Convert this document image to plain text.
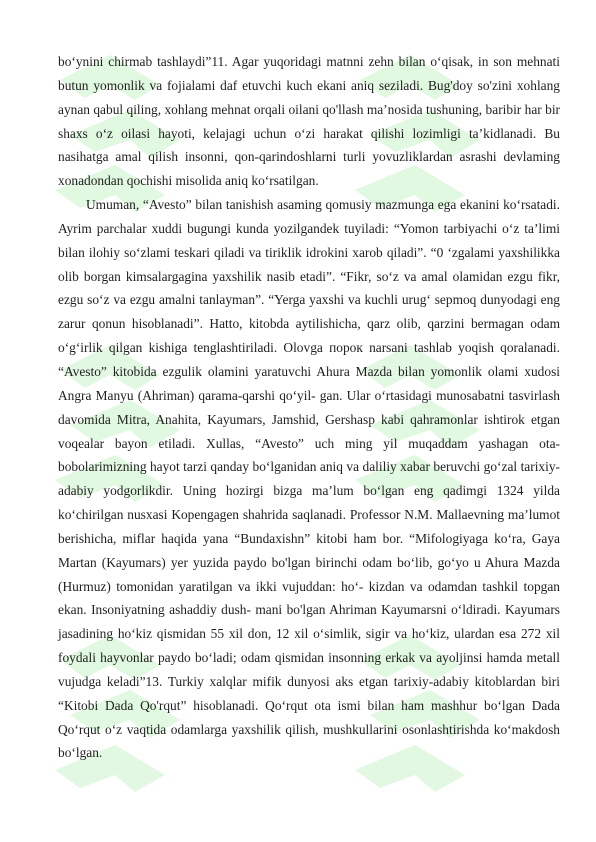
bo‘ynini chirmab tashlaydi”11. Agar yuqoridagi matnni zehn bilan o‘qisak, in son mehnati butun yomonlik va fojialami daf etuvchi kuch ekani aniq seziladi. Bug'doy so'zini xohlang aynan qabul qiling, xohlang mehnat orqali oilani qo'llash ma’nosida tushuning, baribir har bir shaxs o‘z oilasi hayoti, kelajagi uchun o‘zi harakat qilishi lozimligi ta’kidlanadi. Bu nasihatga amal qilish insonni, qon-qarindoshlarni turli yovuzliklardan asrashi devlaming xonadondan qochishi misolida aniq ko‘rsatilgan.

Umuman, “Avesto” bilan tanishish asaming qomusiy mazmunga ega ekanini ko‘rsatadi. Ayrim parchalar xuddi bugungi kunda yozilgandek tuyiladi: “Yomon tarbiyachi o‘z ta’limi bilan ilohiy so‘zlami teskari qiladi va tiriklik idrokini xarob qiladi”. “0 ‘zgalami yaxshilikka olib borgan kimsalargagina yaxshilik nasib etadi”. “Fikr, so‘z va amal olamidan ezgu fikr, ezgu so‘z va ezgu amalni tanlayman”. “Yerga yaxshi va kuchli urug‘ sepmoq dunyodagi eng zarur qonun hisoblanadi”. Hatto, kitobda aytilishicha, qarz olib, qarzini bermagan odam o‘g‘irlik qilgan kishiga tenglashtiriladi. Olovga порок narsani tashlab yoqish qoralanadi. “Avesto” kitobida ezgulik olamini yaratuvchi Ahura Mazda bilan yomonlik olami xudosi Angra Manyu (Ahriman) qarama-qarshi qo‘yil- gan. Ular o‘rtasidagi munosabatni tasvirlash davomida Mitra, Anahita, Kayumars, Jamshid, Gershasp kabi qahramonlar ishtirok etgan voqealar bayon etiladi. Xullas, “Avesto” uch ming yil muqaddam yashagan ota- bobolarimizning hayot tarzi qanday bo‘lganidan aniq va daliliy xabar beruvchi go‘zal tarixiy-adabiy yodgorlikdir. Uning hozirgi bizga ma’lum bo‘lgan eng qadimgi 1324 yilda ko‘chirilgan nusxasi Kopengagen shahrida saqlanadi. Professor N.M. Mallaevning ma’lumot berishicha, miflar haqida yana “Bundaxishn” kitobi ham bor. “Mifologiyaga ko‘ra, Gaya Martan (Kayumars) yer yuzida paydo bo'lgan birinchi odam bo‘lib, go‘yo u Ahura Mazda (Hurmuz) tomonidan yaratilgan va ikki vujuddan: ho‘- kizdan va odamdan tashkil topgan ekan. Insoniyatning ashaddiy dush- mani bo'lgan Ahriman Kayumarsni o‘ldiradi. Kayumars jasadining ho‘kiz qismidan 55 xil don, 12 xil o‘simlik, sigir va ho‘kiz, ulardan esa 272 xil foydali hayvonlar paydo bo‘ladi; odam qismidan insonning erkak va ayoljinsi hamda metall vujudga keladi”13. Turkiy xalqlar mifik dunyosi aks etgan tarixiy-adabiy kitoblardan biri “Kitobi Dada Qo'rqut” hisoblanadi. Qo‘rqut ota ismi bilan ham mashhur bo‘lgan Dada Qo‘rqut o‘z vaqtida odamlarga yaxshilik qilish, mushkullarini osonlashtirishda ko‘makdosh bo‘lgan.
